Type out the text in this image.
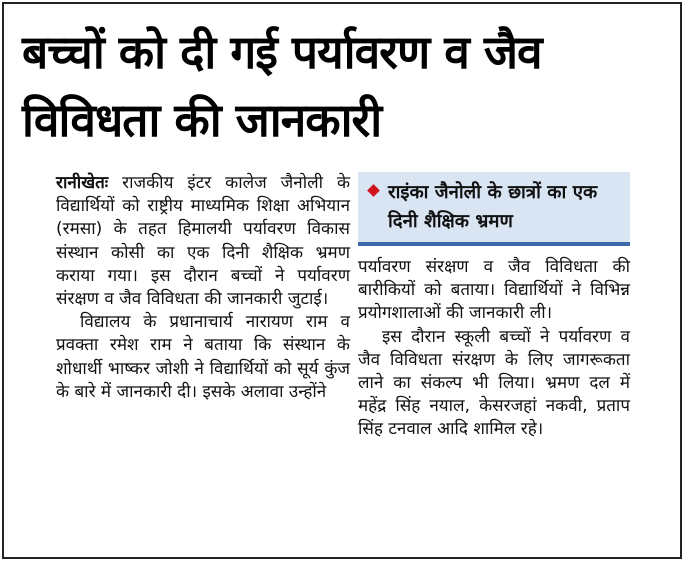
बच्चों को दी गई पर्यावरण व जैव विविधता की जानकारी

रानीखेतः राजकीय इंटर कालेज जैनोली के विद्यार्थियों को राष्ट्रीय माध्यमिक शिक्षा अभियान (रमसा) के तहत हिमालयी पर्यावरण विकास संस्थान कोसी का एक दिनी शैक्षिक भ्रमण कराया गया। इस दौरान बच्चों ने पर्यावरण संरक्षण व जैव विविधता की जानकारी जुटाई।

विद्यालय के प्रधानाचार्य नारायण राम व प्रवक्ता रमेश राम ने बताया कि संस्थान के शोधार्थी भाष्कर जोशी ने विद्यार्थियों को सूर्य कुंज के बारे में जानकारी दी। इसके अलावा उन्होंने

राइंका जैनोली के छात्रों का एक दिनी शैक्षिक भ्रमण

पर्यावरण संरक्षण व जैव विविधता की बारीकियों को बताया। विद्यार्थियों ने विभिन्न प्रयोगशालाओं की जानकारी ली।

इस दौरान स्कूली बच्चों ने पर्यावरण व जैव विविधता संरक्षण के लिए जागरूकता लाने का संकल्प भी लिया। भ्रमण दल में महेंद्र सिंह नयाल, केसरजहां नकवी, प्रताप सिंह टनवाल आदि शामिल रहे।
